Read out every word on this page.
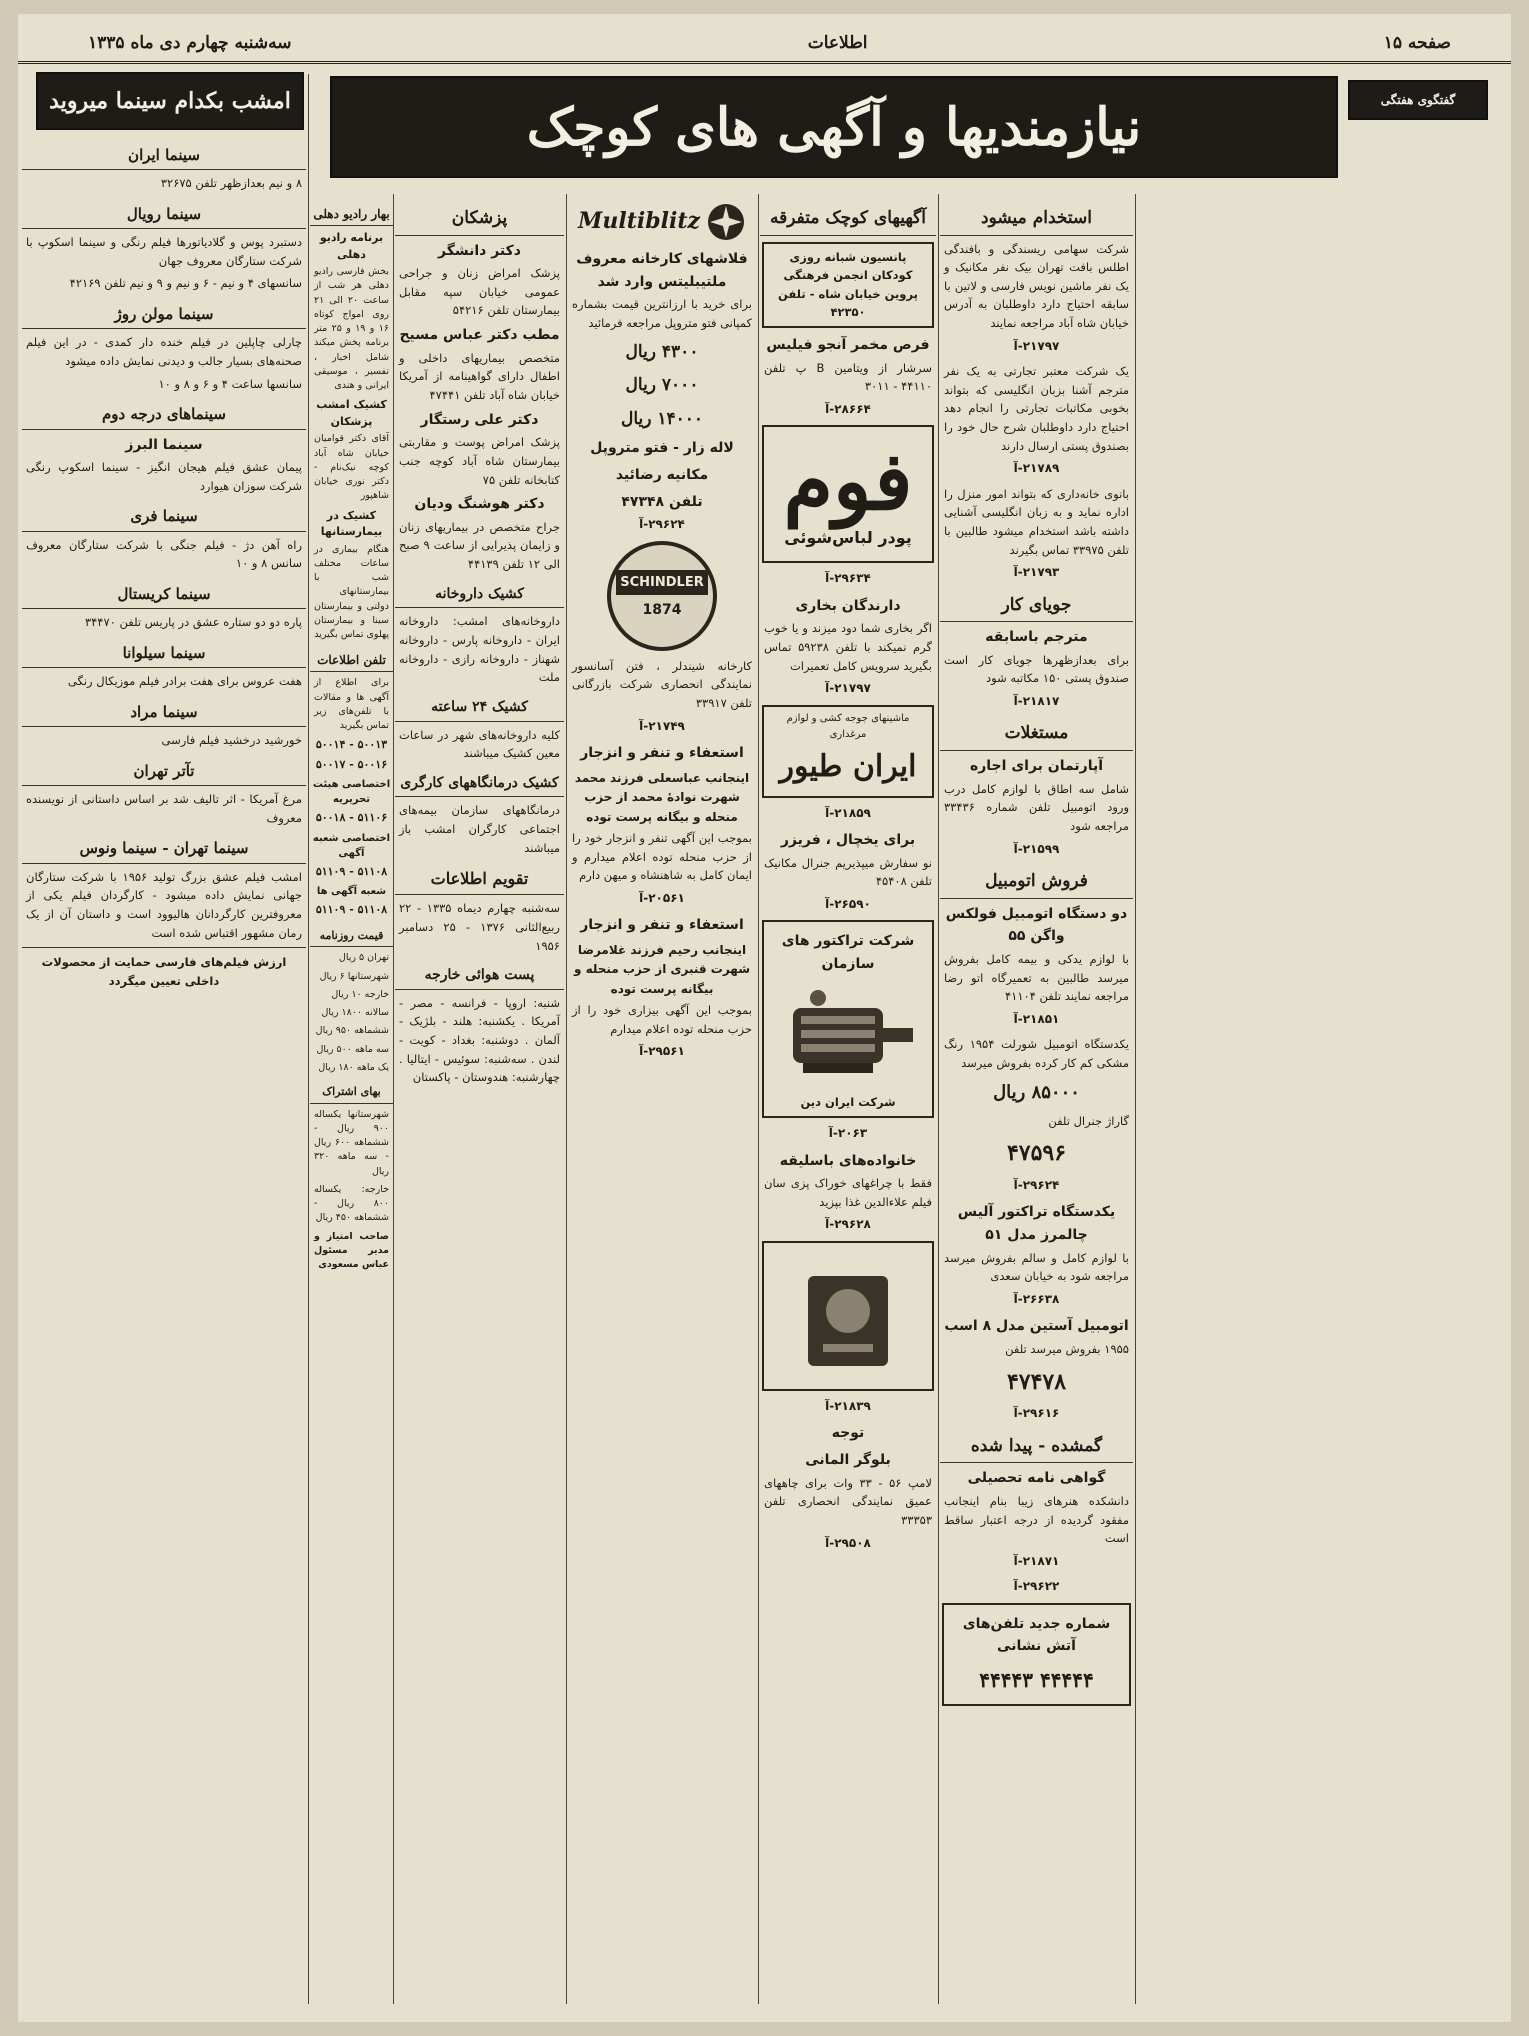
صفحه ۱۵
اطلاعات
سه‌شنبه چهارم دی ماه ۱۳۳۵
گفتگوی هفتگی
نیازمندیها و آگهی های کوچک
امشب بکدام سینما میروید
استخدام میشود
شرکت سهامی ریسندگی و بافندگی اطلس بافت تهران بیک نفر مکانیک و یک نفر ماشین نویس فارسی و لاتین با سابقه احتیاج دارد داوطلبان به آدرس خیابان شاه آباد مراجعه نمایند
۲۱۷۹۷-آ
یک شرکت معتبر تجارتی به یک نفر مترجم آشنا بزبان انگلیسی که بتواند بخوبی مکاتبات تجارتی را انجام دهد احتیاج دارد داوطلبان شرح حال خود را بصندوق پستی ارسال دارند
۲۱۷۸۹-آ
بانوی خانه‌داری که بتواند امور منزل را اداره نماید و به زبان انگلیسی آشنایی داشته باشد استخدام میشود طالبین با تلفن ۳۳۹۷۵ تماس بگیرند
۲۱۷۹۳-آ
جویای کار
مترجم باسابقه
برای بعدازظهرها جویای کار است صندوق پستی ۱۵۰ مکاتبه شود
۲۱۸۱۷-آ
مستغلات
آپارتمان برای اجاره
شامل سه اطاق با لوازم کامل درب ورود اتومبیل تلفن شماره ۳۳۴۳۶ مراجعه شود
۲۱۵۹۹-آ
فروش اتومبیل
دو دستگاه اتومبیل فولکس واگن ۵۵
با لوازم یدکی و بیمه کامل بفروش میرسد طالبین به تعمیرگاه اتو رضا مراجعه نمایند تلفن ۴۱۱۰۴
۲۱۸۵۱-آ
یکدستگاه اتومبیل شورلت ۱۹۵۴ رنگ مشکی کم کار کرده بفروش میرسد
۸۵۰۰۰ ریال
گاراژ جنرال تلفن
۴۷۵۹۶
۲۹۶۲۴-آ
یکدستگاه تراکتور آلیس چالمرز مدل ۵۱
با لوازم کامل و سالم بفروش میرسد مراجعه شود به خیابان سعدی
۲۶۶۳۸-آ
اتومبیل آستین مدل ۸ اسب
۱۹۵۵ بفروش میرسد تلفن
۴۷۴۷۸
۲۹۶۱۶-آ
گمشده - پیدا شده
گواهی نامه تحصیلی
دانشکده هنرهای زیبا بنام اینجانب مفقود گردیده از درجه اعتبار ساقط است
۲۱۸۷۱-آ
۲۹۶۲۲-آ
شماره جدید تلفن‌های آتش نشانی
۴۴۴۴۴ ۴۴۴۴۳
آگهیهای کوچک متفرقه
پانسیون شبانه روزی کودکان انجمن فرهنگی پروین خیابان شاه - تلفن ۴۲۳۵۰
فرص مخمر آنجو فیلیس
سرشار از ویتامین B پ تلفن ۴۴۱۱۰ - ۳۰۱۱
۲۸۶۶۴-آ
فوم
پودر لباس‌شوئی
۲۹۶۳۴-آ
دارندگان بخاری
اگر بخاری شما دود میزند و یا خوب گرم نمیکند با تلفن ۵۹۲۳۸ تماس بگیرید سرویس کامل تعمیرات
۲۱۷۹۷-آ
ماشینهای جوجه کشی و لوازم مرغداری
ایران طیور
۲۱۸۵۹-آ
برای یخچال ، فریزر
نو سفارش میپذیریم جنرال مکانیک تلفن ۴۵۴۰۸
۲۶۵۹۰-آ
شرکت تراکتور های سازمان
شرکت ایران دین
۲۰۶۳-آ
خانواده‌های باسلیقه
فقط با چراغهای خوراک پزی سان فیلم علاءالدین غذا بپزید
۲۹۶۲۸-آ
۲۱۸۳۹-آ
توجه
بلوگر المانی
لامپ ۵۶ - ۳۳ وات برای چاههای عمیق نمایندگی انحصاری تلفن ۳۳۳۵۳
۲۹۵۰۸-آ
Multiblitz
فلاشهای کارخانه معروف ملتیبلیتس وارد شد
برای خرید با ارزانترین قیمت بشماره کمپانی فتو متروپل مراجعه فرمائید
۴۳۰۰ ریال
۷۰۰۰ ریال
۱۴۰۰۰ ریال
لاله زار - فتو متروپل
مکانیه رضائید
تلفن ۴۷۳۴۸
۲۹۶۲۴-آ
SCHINDLER
1874
کارخانه شیندلر ، فتن آسانسور نمایندگی انحصاری شرکت بازرگانی تلفن ۳۳۹۱۷
۲۱۷۴۹-آ
استعفاء و تنفر و انزجار
اینجانب عباسعلی فرزند محمد شهرت نوادهٔ محمد از حزب منحله و بیگانه پرست توده
بموجب این آگهی تنفر و انزجار خود را از حزب منحله توده اعلام میدارم و ایمان کامل به شاهنشاه و میهن دارم
۲۰۵۶۱-آ
استعفاء و تنفر و انزجار
اینجانب رحیم فرزند غلامرضا شهرت قنبری از حزب منحله و بیگانه پرست توده
بموجب این آگهی بیزاری خود را از حزب منحله توده اعلام میدارم
۲۹۵۶۱-آ
پزشکان
دکتر دانشگر
پزشک امراض زنان و جراحی عمومی خیابان سپه مقابل بیمارستان تلفن ۵۴۲۱۶
مطب دکتر عباس مسیح
متخصص بیماریهای داخلی و اطفال دارای گواهینامه از آمریکا خیابان شاه آباد تلفن ۴۷۴۴۱
دکتر علی رستگار
پزشک امراض پوست و مقاربتی بیمارستان شاه آباد کوچه جنب کتابخانه تلفن ۷۵
دکتر هوشنگ ودیان
جراح متخصص در بیماریهای زنان و زایمان پذیرایی از ساعت ۹ صبح الی ۱۲ تلفن ۴۴۱۳۹
کشیک داروخانه
داروخانه‌های امشب: داروخانه ایران - داروخانه پارس - داروخانه شهناز - داروخانه رازی - داروخانه ملت
کشیک ۲۴ ساعته
کلیه داروخانه‌های شهر در ساعات معین کشیک میباشند
کشیک درمانگاههای کارگری
درمانگاههای سازمان بیمه‌های اجتماعی کارگران امشب باز میباشند
تقویم اطلاعات
سه‌شنبه چهارم دیماه ۱۳۳۵ - ۲۲ ربیع‌الثانی ۱۳۷۶ - ۲۵ دسامبر ۱۹۵۶
پست هوائی خارجه
شنبه: اروپا - فرانسه - مصر - آمریکا . یکشنبه: هلند - بلژیک - آلمان . دوشنبه: بغداد - کویت - لندن . سه‌شنبه: سوئیس - ایتالیا . چهارشنبه: هندوستان - پاکستان
سینما ایران
۸ و نیم بعدازظهر تلفن ۳۲۶۷۵
سینما رویال
دستبرد پوس و گلادیاتورها فیلم رنگی و سینما اسکوپ با شرکت ستارگان معروف جهان
سانسهای ۴ و نیم - ۶ و نیم و ۹ و نیم تلفن ۴۲۱۶۹
سینما مولن روژ
چارلی چاپلین در فیلم خنده دار کمدی - در این فیلم صحنه‌های بسیار جالب و دیدنی نمایش داده میشود
سانسها ساعت ۴ و ۶ و ۸ و ۱۰
سینماهای درجه دوم
سینما البرز
پیمان عشق فیلم هیجان انگیز - سینما اسکوپ رنگی شرکت سوزان هیوارد
سینما فری
راه آهن دژ - فیلم جنگی با شرکت ستارگان معروف سانس ۸ و ۱۰
سینما کریستال
پاره دو دو ستاره عشق در پاریس تلفن ۳۴۴۷۰
سینما سیلوانا
هفت عروس برای هفت برادر فیلم موزیکال رنگی
سینما مراد
خورشید درخشید فیلم فارسی
تآتر تهران
مرغ آمریکا - اثر تالیف شد بر اساس داستانی از نویسنده معروف
سینما تهران - سینما ونوس
امشب فیلم عشق بزرگ تولید ۱۹۵۶ با شرکت ستارگان جهانی نمایش داده میشود - کارگردان فیلم یکی از معروفترین کارگردانان هالیوود است و داستان آن از یک رمان مشهور اقتباس شده است
ارزش فیلم‌های فارسی حمایت از محصولات داخلی تعیین میگردد
بهار رادیو دهلی
برنامه رادیو دهلی
بخش فارسی رادیو دهلی هر شب از ساعت ۲۰ الی ۲۱ روی امواج کوتاه ۱۶ و ۱۹ و ۲۵ متر برنامه پخش میکند شامل اخبار ، تفسیر ، موسیقی ایرانی و هندی
کشیک امشب پزشکان
آقای دکتر قوامیان خیابان شاه آباد کوچه نیک‌نام - دکتر نوری خیابان شاهپور
کشیک در بیمارستانها
هنگام بیماری در ساعات مختلف شب با بیمارستانهای دولتی و بیمارستان سینا و بیمارستان پهلوی تماس بگیرید
تلفن اطلاعات
برای اطلاع از آگهی ها و مقالات با تلفن‌های زیر تماس بگیرید
۵۰۰۱۳ - ۵۰۰۱۴
۵۰۰۱۶ - ۵۰۰۱۷
اختصاصی هیئت تحریریه
۵۱۱۰۶ - ۵۰۰۱۸
اختصاصی شعبه آگهی
۵۱۱۰۸ - ۵۱۱۰۹
شعبه آگهی ها
۵۱۱۰۸ - ۵۱۱۰۹
قیمت روزنامه
تهران ۵ ریال
شهرستانها ۶ ریال
خارجه ۱۰ ریال
سالانه ۱۸۰۰ ریال
ششماهه ۹۵۰ ریال
سه ماهه ۵۰۰ ریال
یک ماهه ۱۸۰ ریال
بهای اشتراک
شهرستانها یکساله ۹۰۰ ریال - ششماهه ۶۰۰ ریال - سه ماهه ۳۲۰ ریال
خارجه: یکساله ۸۰۰ ریال - ششماهه ۴۵۰ ریال
صاحب امتیاز و مدیر مسئول عباس مسعودی
